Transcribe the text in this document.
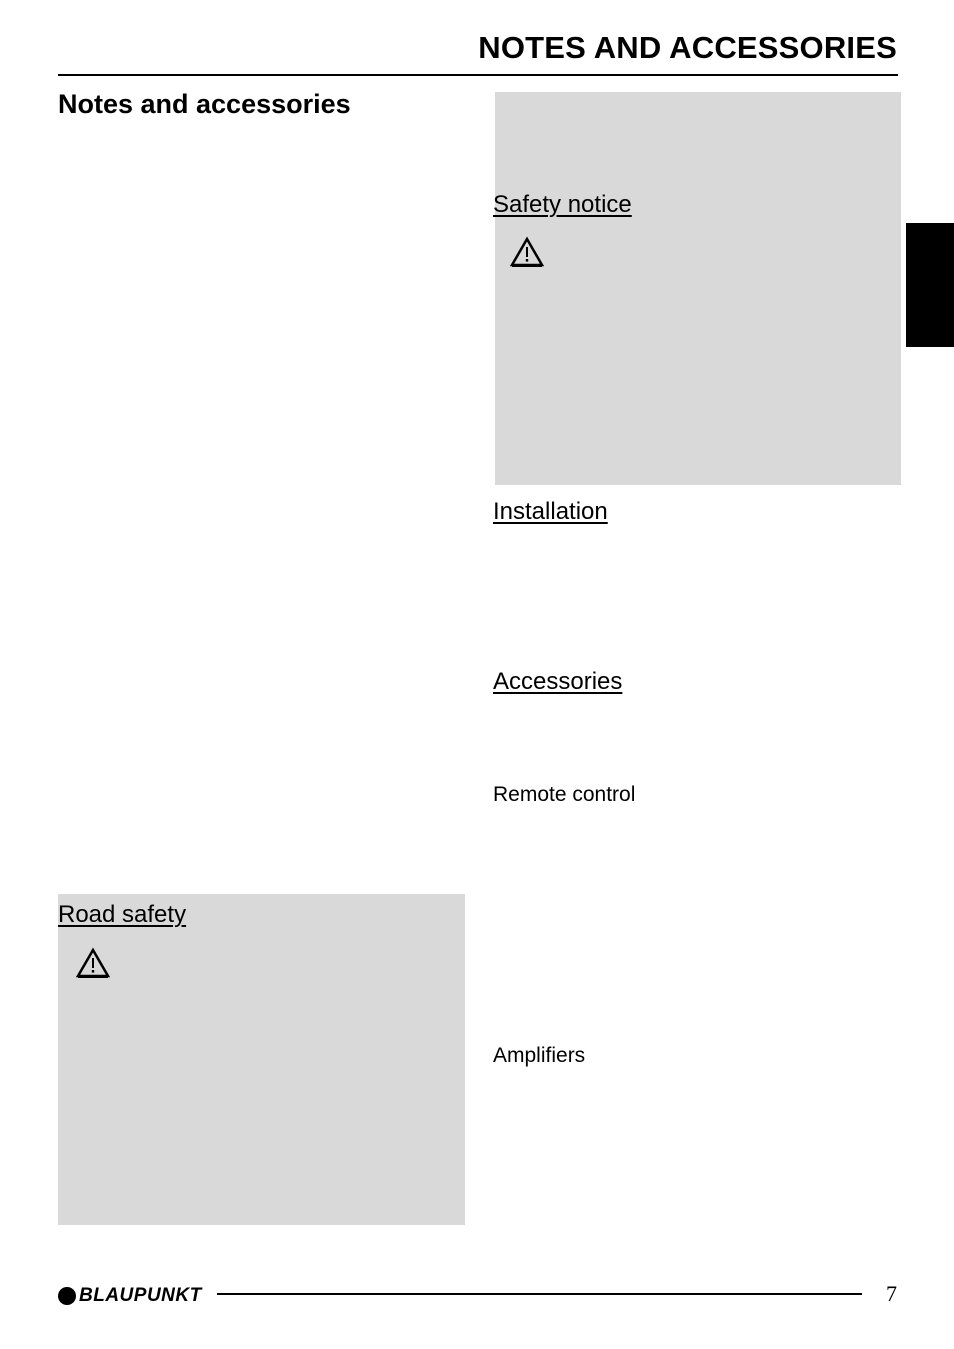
NOTES AND ACCESSORIES
Notes and accessories
Safety notice
Installation
Accessories
Remote control
Amplifiers
Road safety
BLAUPUNKT	7
